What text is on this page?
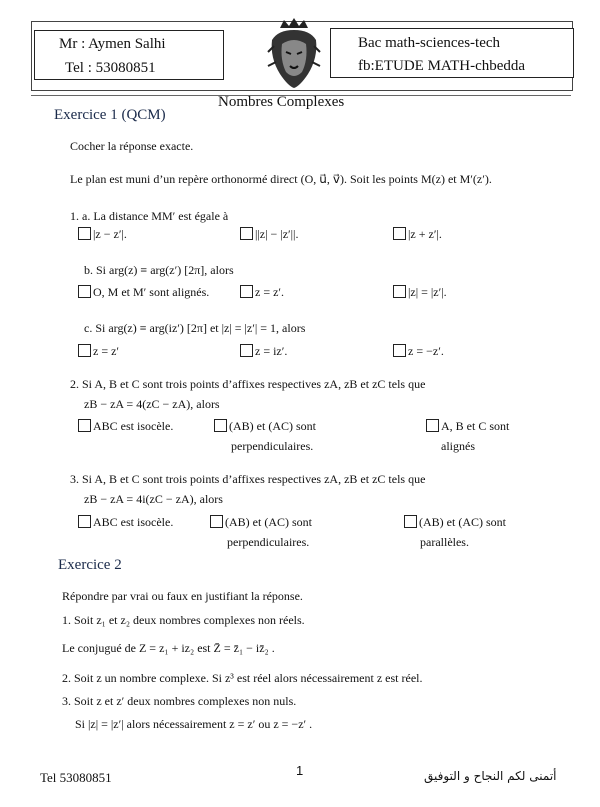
Mr : Aymen Salhi
Tel : 53080851
Bac math-sciences-tech
fb:ETUDE MATH-chbedda
Nombres Complexes
Exercice 1 (QCM)
Cocher la réponse exacte.
Le plan est muni d’un repère orthonormé direct (O, u⃗, v⃗). Soit les points M(z) et M′(z′).
1. a. La distance MM′ est égale à
|z − z′|.	||z| − |z′||.	|z + z′|.
b. Si arg(z) ≡ arg(z′) [2π], alors
O, M et M′ sont alignés.	z = z′.	|z| = |z′|.
c. Si arg(z) ≡ arg(iz′) [2π] et |z| = |z′| = 1, alors
z = z′	z = iz′.	z = −z′.
2. Si A, B et C sont trois points d’affixes respectives zA, zB et zC tels que
zB − zA = 4(zC − zA), alors
ABC est isocèle.	(AB) et (AC) sont
perpendiculaires.
A, B et C sont
alignés
3. Si A, B et C sont trois points d’affixes respectives zA, zB et zC tels que
zB − zA = 4i(zC − zA), alors
ABC est isocèle.	(AB) et (AC) sont
perpendiculaires.
(AB) et (AC) sont
parallèles.
Exercice 2
Répondre par vrai ou faux en justifiant la réponse.
1. Soit z₁ et z₂ deux nombres complexes non réels.
Le conjugué de Z = z₁ + iz₂ est Z̄ = z̄₁ − iz̄₂ .
2. Soit z un nombre complexe. Si z³ est réel alors nécessairement z est réel.
3. Soit z et z′ deux nombres complexes non nuls.
Si |z| = |z′| alors nécessairement z = z′ ou z = −z′ .
Tel 53080851	1	أتمنى لكم النجاح و التوفيق
